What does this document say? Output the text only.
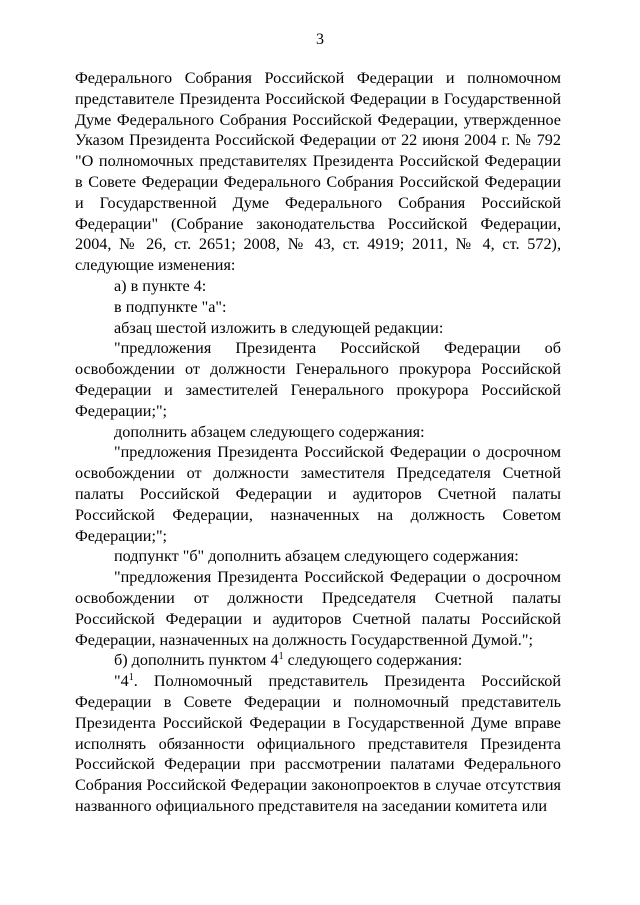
3

Федерального Собрания Российской Федерации и полномочном представителе Президента Российской Федерации в Государственной Думе Федерального Собрания Российской Федерации, утвержденное Указом Президента Российской Федерации от 22 июня 2004 г. № 792 "О полномочных представителях Президента Российской Федерации в Совете Федерации Федерального Собрания Российской Федерации и Государственной Думе Федерального Собрания Российской Федерации" (Собрание законодательства Российской Федерации, 2004, № 26, ст. 2651; 2008, № 43, ст. 4919; 2011, № 4, ст. 572), следующие изменения:

а) в пункте 4:

в подпункте "а":

абзац шестой изложить в следующей редакции:

"предложения Президента Российской Федерации об освобождении от должности Генерального прокурора Российской Федерации и заместителей Генерального прокурора Российской Федерации;";

дополнить абзацем следующего содержания:

"предложения Президента Российской Федерации о досрочном освобождении от должности заместителя Председателя Счетной палаты Российской Федерации и аудиторов Счетной палаты Российской Федерации, назначенных на должность Советом Федерации;";

подпункт "б" дополнить абзацем следующего содержания:

"предложения Президента Российской Федерации о досрочном освобождении от должности Председателя Счетной палаты Российской Федерации и аудиторов Счетной палаты Российской Федерации, назначенных на должность Государственной Думой.";

б) дополнить пунктом $4^1$ следующего содержания:

"$4^1$. Полномочный представитель Президента Российской Федерации в Совете Федерации и полномочный представитель Президента Российской Федерации в Государственной Думе вправе исполнять обязанности официального представителя Президента Российской Федерации при рассмотрении палатами Федерального Собрания Российской Федерации законопроектов в случае отсутствия названного официального представителя на заседании комитета или
